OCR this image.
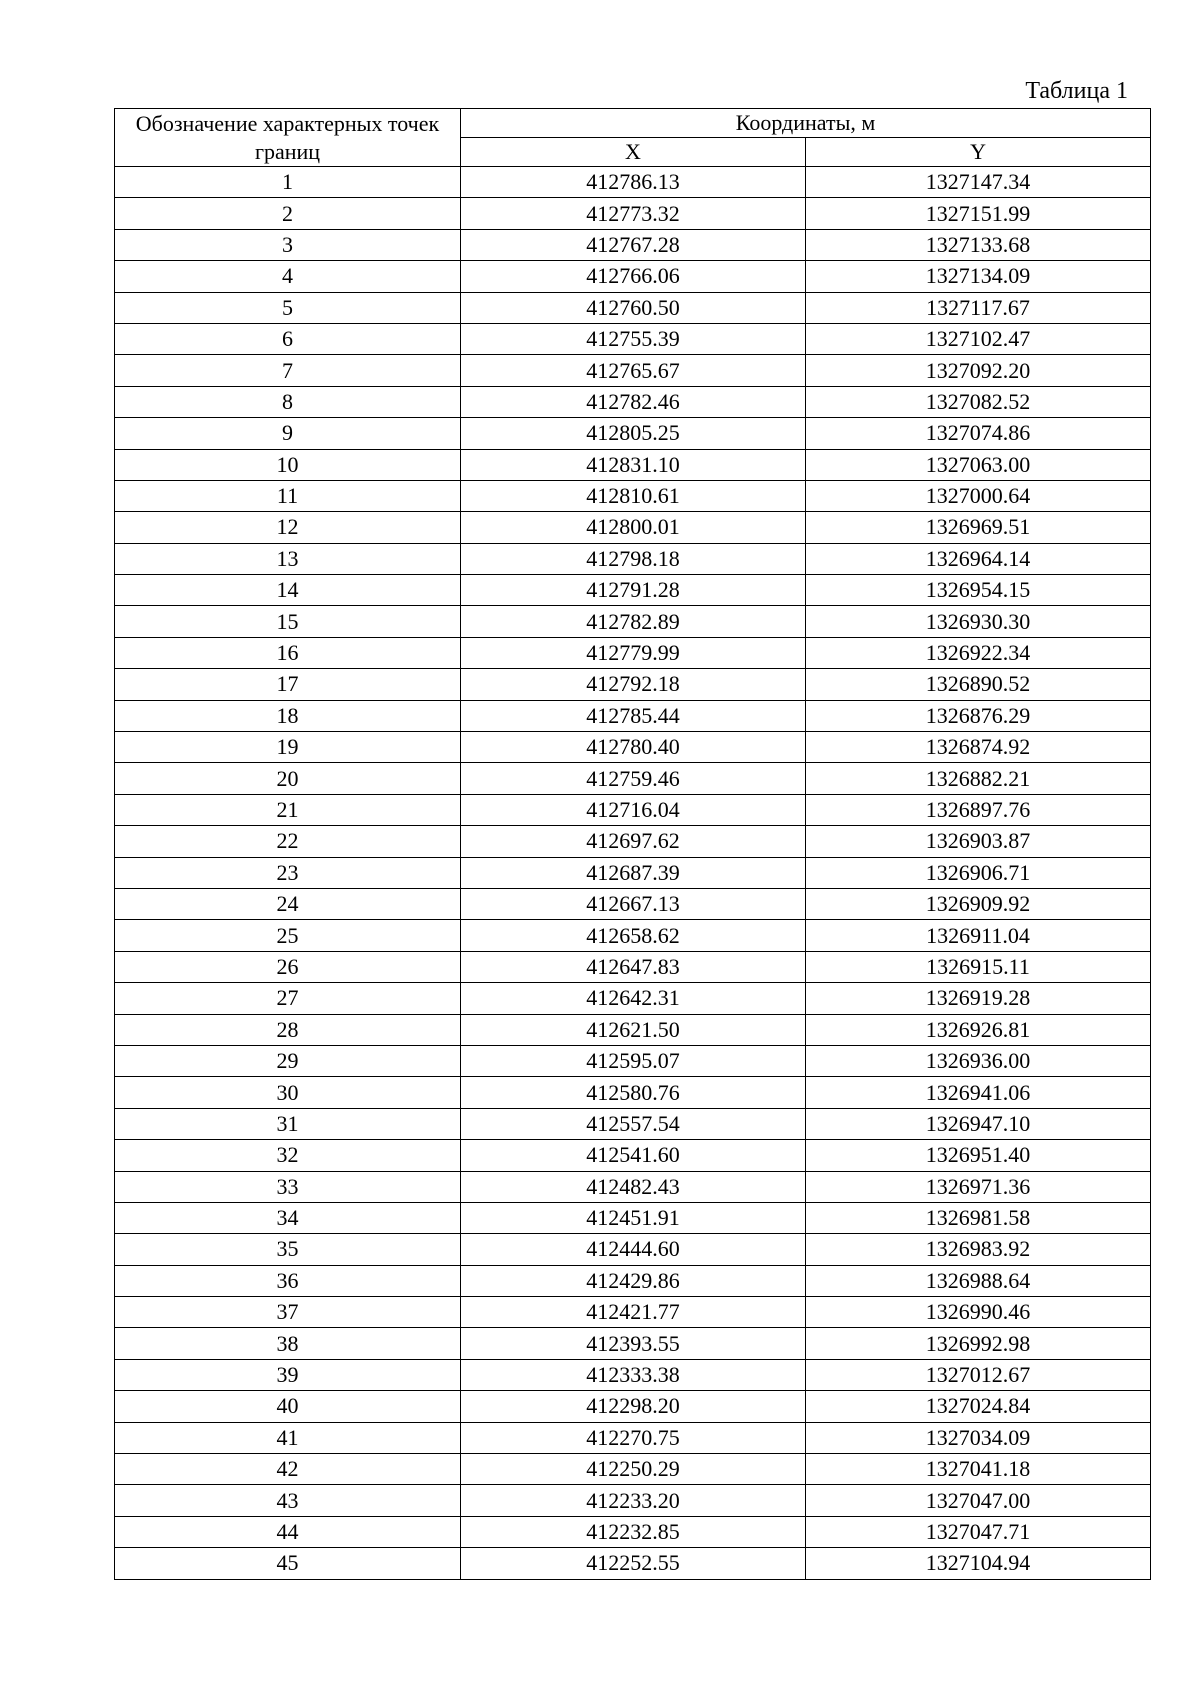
Таблица 1
Обозначение характерных точек границ	Координаты, м	
	X	Y
1	412786.13	1327147.34
2	412773.32	1327151.99
3	412767.28	1327133.68
4	412766.06	1327134.09
5	412760.50	1327117.67
6	412755.39	1327102.47
7	412765.67	1327092.20
8	412782.46	1327082.52
9	412805.25	1327074.86
10	412831.10	1327063.00
11	412810.61	1327000.64
12	412800.01	1326969.51
13	412798.18	1326964.14
14	412791.28	1326954.15
15	412782.89	1326930.30
16	412779.99	1326922.34
17	412792.18	1326890.52
18	412785.44	1326876.29
19	412780.40	1326874.92
20	412759.46	1326882.21
21	412716.04	1326897.76
22	412697.62	1326903.87
23	412687.39	1326906.71
24	412667.13	1326909.92
25	412658.62	1326911.04
26	412647.83	1326915.11
27	412642.31	1326919.28
28	412621.50	1326926.81
29	412595.07	1326936.00
30	412580.76	1326941.06
31	412557.54	1326947.10
32	412541.60	1326951.40
33	412482.43	1326971.36
34	412451.91	1326981.58
35	412444.60	1326983.92
36	412429.86	1326988.64
37	412421.77	1326990.46
38	412393.55	1326992.98
39	412333.38	1327012.67
40	412298.20	1327024.84
41	412270.75	1327034.09
42	412250.29	1327041.18
43	412233.20	1327047.00
44	412232.85	1327047.71
45	412252.55	1327104.94
